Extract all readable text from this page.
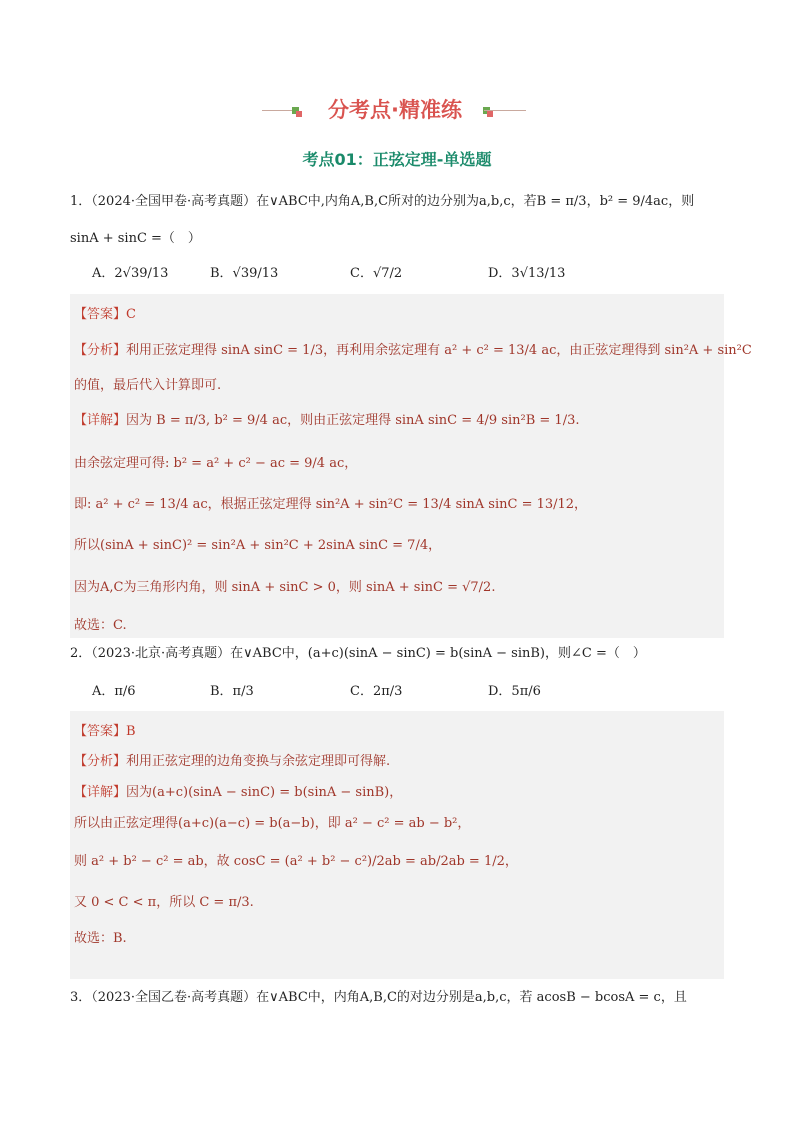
分考点·精准练
考点01：正弦定理-单选题
1．（2024·全国甲卷·高考真题）在∨ABC中,内角A,B,C所对的边分别为a,b,c，若B = π/3，b² = 9/4ac，则
sinA + sinC =（　）
A．2√39/13	B．√39/13	C．√7/2	D．3√13/13
【答案】C
【分析】利用正弦定理得 sinA sinC = 1/3，再利用余弦定理有 a² + c² = 13/4 ac，由正弦定理得到 sin²A + sin²C
的值，最后代入计算即可.
【详解】因为 B = π/3, b² = 9/4 ac，则由正弦定理得 sinA sinC = 4/9 sin²B = 1/3.
由余弦定理可得: b² = a² + c² − ac = 9/4 ac，
即: a² + c² = 13/4 ac，根据正弦定理得 sin²A + sin²C = 13/4 sinA sinC = 13/12，
所以(sinA + sinC)² = sin²A + sin²C + 2sinA sinC = 7/4，
因为A,C为三角形内角，则 sinA + sinC > 0，则 sinA + sinC = √7/2.
故选：C.
2．（2023·北京·高考真题）在∨ABC中，(a+c)(sinA − sinC) = b(sinA − sinB)，则∠C =（　）
A．π/6	B．π/3	C．2π/3	D．5π/6
【答案】B
【分析】利用正弦定理的边角变换与余弦定理即可得解.
【详解】因为(a+c)(sinA − sinC) = b(sinA − sinB)，
所以由正弦定理得(a+c)(a−c) = b(a−b)，即 a² − c² = ab − b²，
则 a² + b² − c² = ab，故 cosC = (a² + b² − c²)/2ab = ab/2ab = 1/2，
又 0 < C < π，所以 C = π/3.
故选：B.
3．（2023·全国乙卷·高考真题）在∨ABC中，内角A,B,C的对边分别是a,b,c，若 acosB − bcosA = c，且
